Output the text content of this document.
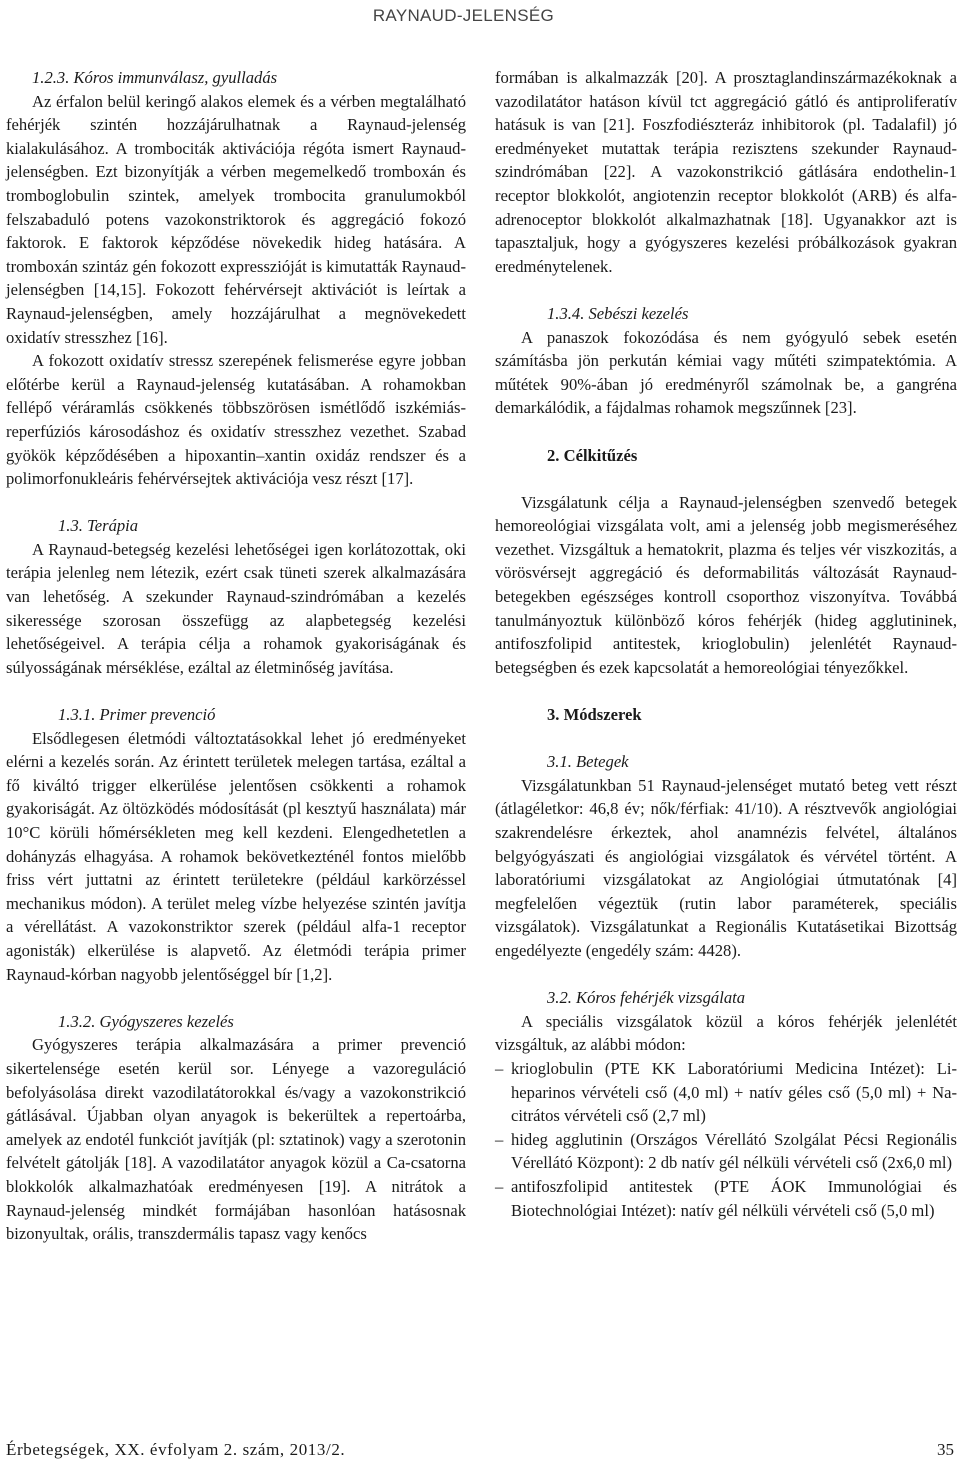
RAYNAUD-JELENSÉG

1.2.3. Kóros immunválasz, gyulladás

Az érfalon belül keringő alakos elemek és a vérben megtalálható fehérjék szintén hozzájárulhatnak a Raynaud-jelenség kialakulásához. A trombociták aktivációja régóta ismert Raynaud-jelenségben. Ezt bizonyítják a vérben megemelkedő tromboxán és tromboglobulin szintek, amelyek trombocita granulumokból felszabaduló potens vazokonstriktorok és aggregáció fokozó faktorok. E faktorok képződése növekedik hideg hatására. A tromboxán szintáz gén fokozott expresszióját is kimutatták Raynaud-jelenségben [14,15]. Fokozott fehérvérsejt aktivációt is leírtak a Raynaud-jelenségben, amely hozzájárulhat a megnövekedett oxidatív stresszhez [16].

A fokozott oxidatív stressz szerepének felismerése egyre jobban előtérbe kerül a Raynaud-jelenség kutatásában. A rohamokban fellépő véráramlás csökkenés többszörösen ismétlődő iszkémiás-reperfúziós károsodáshoz és oxidatív stresszhez vezethet. Szabad gyökök képződésében a hipoxantin–xantin oxidáz rendszer és a polimorfonukleáris fehérvérsejtek aktivációja vesz részt [17].

1.3. Terápia

A Raynaud-betegség kezelési lehetőségei igen korlátozottak, oki terápia jelenleg nem létezik, ezért csak tüneti szerek alkalmazására van lehetőség. A szekunder Raynaud-szindrómában a kezelés sikeressége szorosan összefügg az alapbetegség kezelési lehetőségeivel. A terápia célja a rohamok gyakoriságának és súlyosságának mérséklése, ezáltal az életminőség javítása.

1.3.1. Primer prevenció

Elsődlegesen életmódi változtatásokkal lehet jó eredményeket elérni a kezelés során. Az érintett területek melegen tartása, ezáltal a fő kiváltó trigger elkerülése jelentősen csökkenti a rohamok gyakoriságát. Az öltözködés módosítását (pl kesztyű használata) már 10°C körüli hőmérsékleten meg kell kezdeni. Elengedhetetlen a dohányzás elhagyása. A rohamok bekövetkezténél fontos mielőbb friss vért juttatni az érintett területekre (például karkörzéssel mechanikus módon). A terület meleg vízbe helyezése szintén javítja a vérellátást. A vazokonstriktor szerek (például alfa-1 receptor agonisták) elkerülése is alapvető. Az életmódi terápia primer Raynaud-kórban nagyobb jelentőséggel bír [1,2].

1.3.2. Gyógyszeres kezelés

Gyógyszeres terápia alkalmazására a primer prevenció sikertelensége esetén kerül sor. Lényege a vazoreguláció befolyásolása direkt vazodilatátorokkal és/vagy a vazokonstrikció gátlásával. Újabban olyan anyagok is bekerültek a repertoárba, amelyek az endotél funkciót javítják (pl: sztatinok) vagy a szerotonin felvételt gátolják [18]. A vazodilatátor anyagok közül a Ca-csatorna blokkolók alkalmazhatóak eredményesen [19]. A nitrátok a Raynaud-jelenség mindkét formájában hasonlóan hatásosnak bizonyultak, orális, transzdermális tapasz vagy kenőcs

formában is alkalmazzák [20]. A prosztaglandinszármazékoknak a vazodilatátor hatáson kívül tct aggregáció gátló és antiproliferatív hatásuk is van [21]. Foszfodiészteráz inhibitorok (pl. Tadalafil) jó eredményeket mutattak terápia rezisztens szekunder Raynaud-szindrómában [22]. A vazokonstrikció gátlására endothelin-1 receptor blokkolót, angiotenzin receptor blokkolót (ARB) és alfa-adrenoceptor blokkolót alkalmazhatnak [18]. Ugyanakkor azt is tapasztaljuk, hogy a gyógyszeres kezelési próbálkozások gyakran eredménytelenek.

1.3.4. Sebészi kezelés

A panaszok fokozódása és nem gyógyuló sebek esetén számításba jön perkután kémiai vagy műtéti szimpatektómia. A műtétek 90%-ában jó eredményről számolnak be, a gangréna demarkálódik, a fájdalmas rohamok megszűnnek [23].

2. Célkitűzés

Vizsgálatunk célja a Raynaud-jelenségben szenvedő betegek hemoreológiai vizsgálata volt, ami a jelenség jobb megismeréséhez vezethet. Vizsgáltuk a hematokrit, plazma és teljes vér viszkozitás, a vörösvérsejt aggregáció és deformabilitás változását Raynaud-betegekben egészséges kontroll csoporthoz viszonyítva. Továbbá tanulmányoztuk különböző kóros fehérjék (hideg agglutininek, antifoszfolipid antitestek, krioglobulin) jelenlétét Raynaud-betegségben és ezek kapcsolatát a hemoreológiai tényezőkkel.

3. Módszerek

3.1. Betegek

Vizsgálatunkban 51 Raynaud-jelenséget mutató beteg vett részt (átlagéletkor: 46,8 év; nők/férfiak: 41/10). A résztvevők angiológiai szakrendelésre érkeztek, ahol anamnézis felvétel, általános belgyógyászati és angiológiai vizsgálatok és vérvétel történt. A laboratóriumi vizsgálatokat az Angiológiai útmutatónak [4] megfelelően végeztük (rutin labor paraméterek, speciális vizsgálatok). Vizsgálatunkat a Regionális Kutatásetikai Bizottság engedélyezte (engedély szám: 4428).

3.2. Kóros fehérjék vizsgálata

A speciális vizsgálatok közül a kóros fehérjék jelenlétét vizsgáltuk, az alábbi módon:

– krioglobulin (PTE KK Laboratóriumi Medicina Intézet): Li-heparinos vérvételi cső (4,0 ml) + natív géles cső (5,0 ml) + Na-citrátos vérvételi cső (2,7 ml)
– hideg agglutinin (Országos Vérellátó Szolgálat Pécsi Regionális Vérellátó Központ): 2 db natív gél nélküli vérvételi cső (2x6,0 ml)
– antifoszfolipid antitestek (PTE ÁOK Immunológiai és Biotechnológiai Intézet): natív gél nélküli vérvételi cső (5,0 ml)
Érbetegségek, XX. évfolyam 2. szám, 2013/2.	35
